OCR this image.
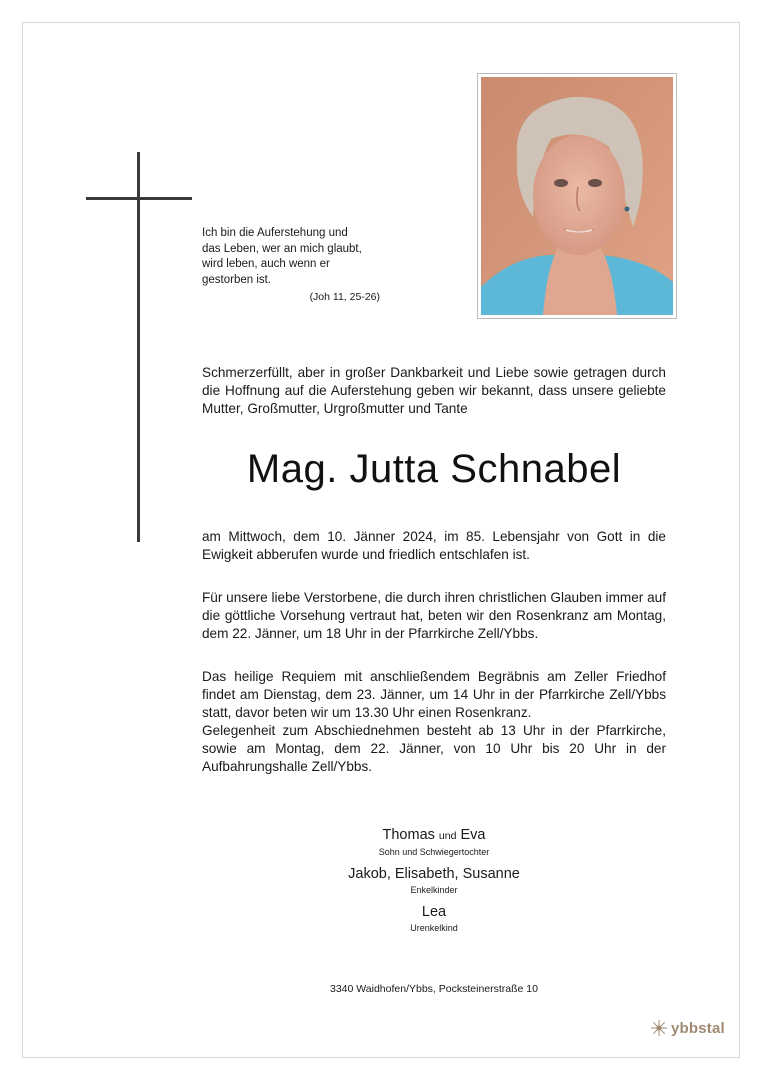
Ich bin die Auferstehung und
das Leben, wer an mich glaubt,
wird leben, auch wenn er
gestorben ist.
(Joh 11, 25-26)
Schmerzerfüllt, aber in großer Dankbarkeit und Liebe sowie getragen durch die Hoffnung auf die Auferstehung geben wir bekannt, dass unsere geliebte Mutter, Großmutter, Urgroßmutter und Tante
Mag. Jutta Schnabel
am Mittwoch, dem 10. Jänner 2024, im 85. Lebensjahr von Gott in die Ewigkeit abberufen wurde und friedlich entschlafen ist.
Für unsere liebe Verstorbene, die durch ihren christlichen Glauben immer auf die göttliche Vorsehung vertraut hat, beten wir den Rosenkranz am Montag, dem 22. Jänner, um 18 Uhr in der Pfarrkirche Zell/Ybbs.
Das heilige Requiem mit anschließendem Begräbnis am Zeller Friedhof findet am Dienstag, dem 23. Jänner, um 14 Uhr in der Pfarrkirche Zell/Ybbs statt, davor beten wir um 13.30 Uhr einen Rosenkranz.
Gelegenheit zum Abschiednehmen besteht ab 13 Uhr in der Pfarrkirche, sowie am Montag, dem 22. Jänner, von 10 Uhr bis 20 Uhr in der Aufbahrungshalle Zell/Ybbs.
Thomas und Eva
Sohn und Schwiegertochter
Jakob, Elisabeth, Susanne
Enkelkinder
Lea
Urenkelkind
3340 Waidhofen/Ybbs, Pocksteinerstraße 10
ybbstal
